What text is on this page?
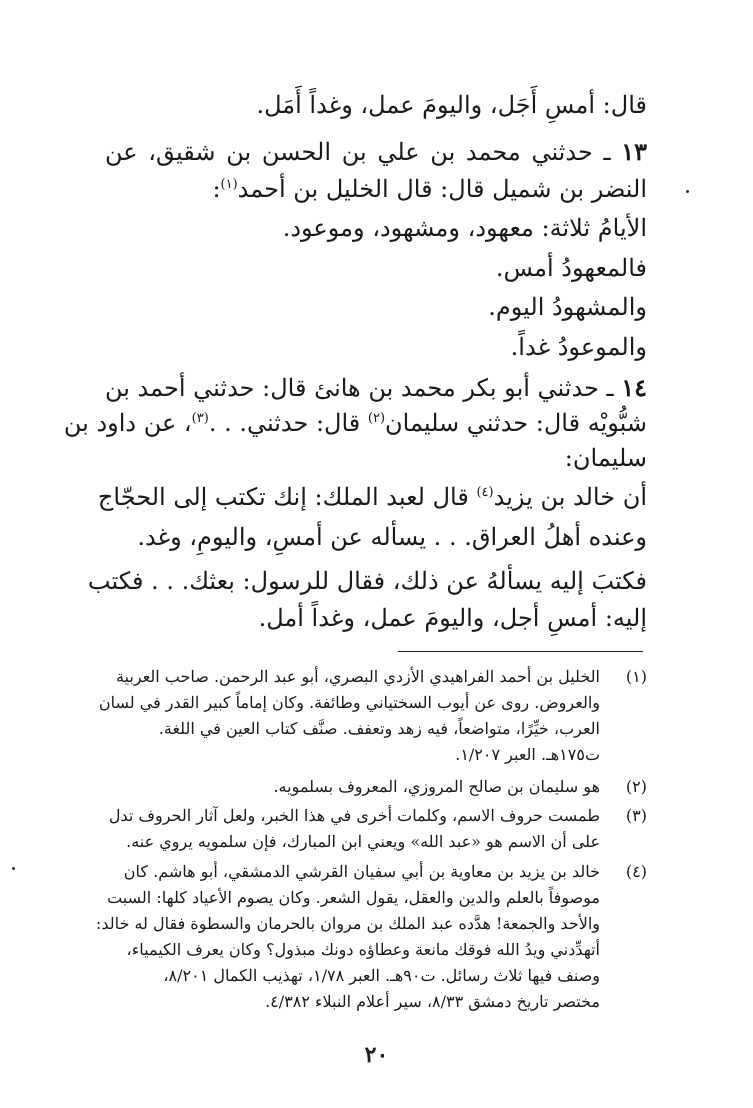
قال: أمسِ أَجَل، واليومَ عمل، وغداً أَمَل.
١٣ ـ حدثني محمد بن علي بن الحسن بن شقيق، عن
النضر بن شميل قال: قال الخليل بن أحمد$^{(١)}$:
الأيامُ ثلاثة: معهود، ومشهود، وموعود.
فالمعهودُ أمس.
والمشهودُ اليوم.
والموعودُ غداً.
١٤ ـ حدثني أبو بكر محمد بن هانئ قال: حدثني أحمد بن
شبُّويْه قال: حدثني سليمان$^{(٢)}$ قال: حدثني. . .$^{(٣)}$، عن داود بن
سليمان:
أن خالد بن يزيد$^{(٤)}$ قال لعبد الملك: إنك تكتب إلى الحجّاج
وعنده أهلُ العراق. . . يسأله عن أمسِ، واليومِ، وغد.
فكتبَ إليه يسألهُ عن ذلك، فقال للرسول: بعثك. . . فكتب
إليه: أمسِ أجل، واليومَ عمل، وغداً أمل.
(١)
الخليل بن أحمد الفراهيدي الأزدي البصري، أبو عبد الرحمن. صاحب العربية
والعروض. روى عن أيوب السختياني وطائفة. وكان إماماً كبير القدر في لسان
العرب، خيِّرًا، متواضعاً، فيه زهد وتعفف. صنَّف كتاب العين في اللغة.
ت١٧٥هـ. العبر ١/٢٠٧.
(٢)
هو سليمان بن صالح المروزي، المعروف بسلمويه.
(٣)
طمست حروف الاسم، وكلمات أخرى في هذا الخبر، ولعل آثار الحروف تدل
على أن الاسم هو «عبد الله» ويعني ابن المبارك، فإن سلمويه يروي عنه.
(٤)
خالد بن يزيد بن معاوية بن أبي سفيان القرشي الدمشقي، أبو هاشم. كان
موصوفاً بالعلم والدين والعقل، يقول الشعر. وكان يصوم الأعياد كلها: السبت
والأحد والجمعة! هدَّده عبد الملك بن مروان بالحرمان والسطوة فقال له خالد:
أتهدِّدني ويدُ الله فوقك مانعة وعطاؤه دونك مبذول؟ وكان يعرف الكيمياء،
وصنف فيها ثلاث رسائل. ت٩٠هـ. العبر ١/٧٨، تهذيب الكمال ٨/٢٠١،
مختصر تاريخ دمشق ٨/٣٣، سير أعلام النبلاء ٤/٣٨٢.
٢٠
